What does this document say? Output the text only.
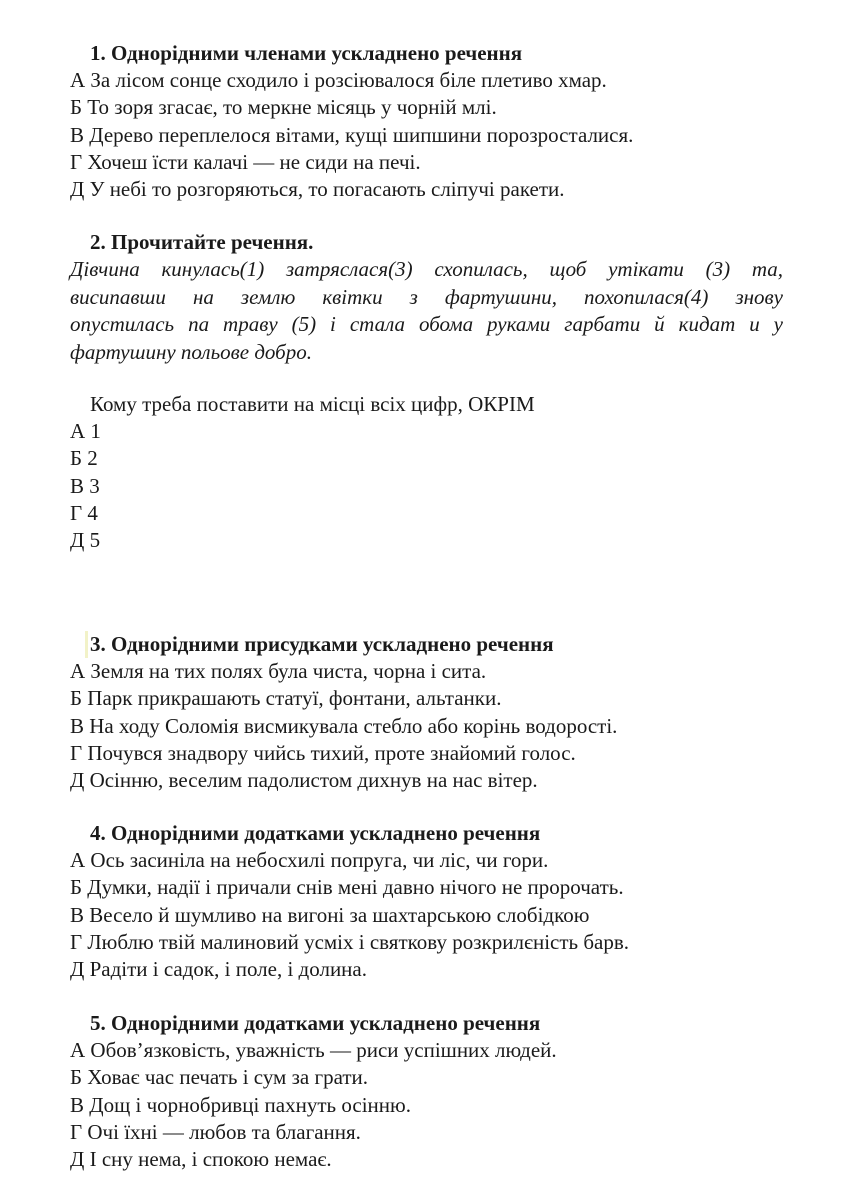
1. Однорідними членами ускладнено речення
А За лісом сонце сходило і розсіювалося біле плетиво хмар.
Б То зоря згасає, то меркне місяць у чорній млі.
В Дерево переплелося вітами, кущі шипшини порозросталися.
Г Хочеш їсти калачі — не сиди на печі.
Д У небі то розгоряються, то погасають сліпучі ракети.
2. Прочитайте речення.
Дівчина кинулась(1) затряслася(3) схопилась, щоб утікати (3) та,
висипавши на землю квітки з фартушини, похопилася(4) знову
опустилась па траву (5) і стала обома руками гарбати й кидат и у
фартушину польове добро.
Кому треба поставити на місці всіх цифр, ОКРІМ
А 1
Б 2
В 3
Г 4
Д 5
3. Однорідними присудками ускладнено речення
А Земля на тих полях була чиста, чорна і сита.
Б Парк прикрашають статуї, фонтани, альтанки.
В На ходу Соломія висмикувала стебло або корінь водорості.
Г Почувся знадвору чийсь тихий, проте знайомий голос.
Д Осінню, веселим падолистом дихнув на нас вітер.
4. Однорідними додатками ускладнено речення
А Ось засиніла на небосхилі попруга, чи ліс, чи гори.
Б Думки, надії і причали снів мені давно нічого не пророчать.
В Весело й шумливо на вигоні за шахтарською слобідкою
Г Люблю твій малиновий усміх і святкову розкрилєність барв.
Д Радіти і садок, і поле, і долина.
5. Однорідними додатками ускладнено речення
А Обов’язковість, уважність — риси успішних людей.
Б Ховає час печать і сум за грати.
В Дощ і чорнобривці пахнуть осінню.
Г Очі їхні — любов та благання.
Д І сну нема, і спокою немає.
